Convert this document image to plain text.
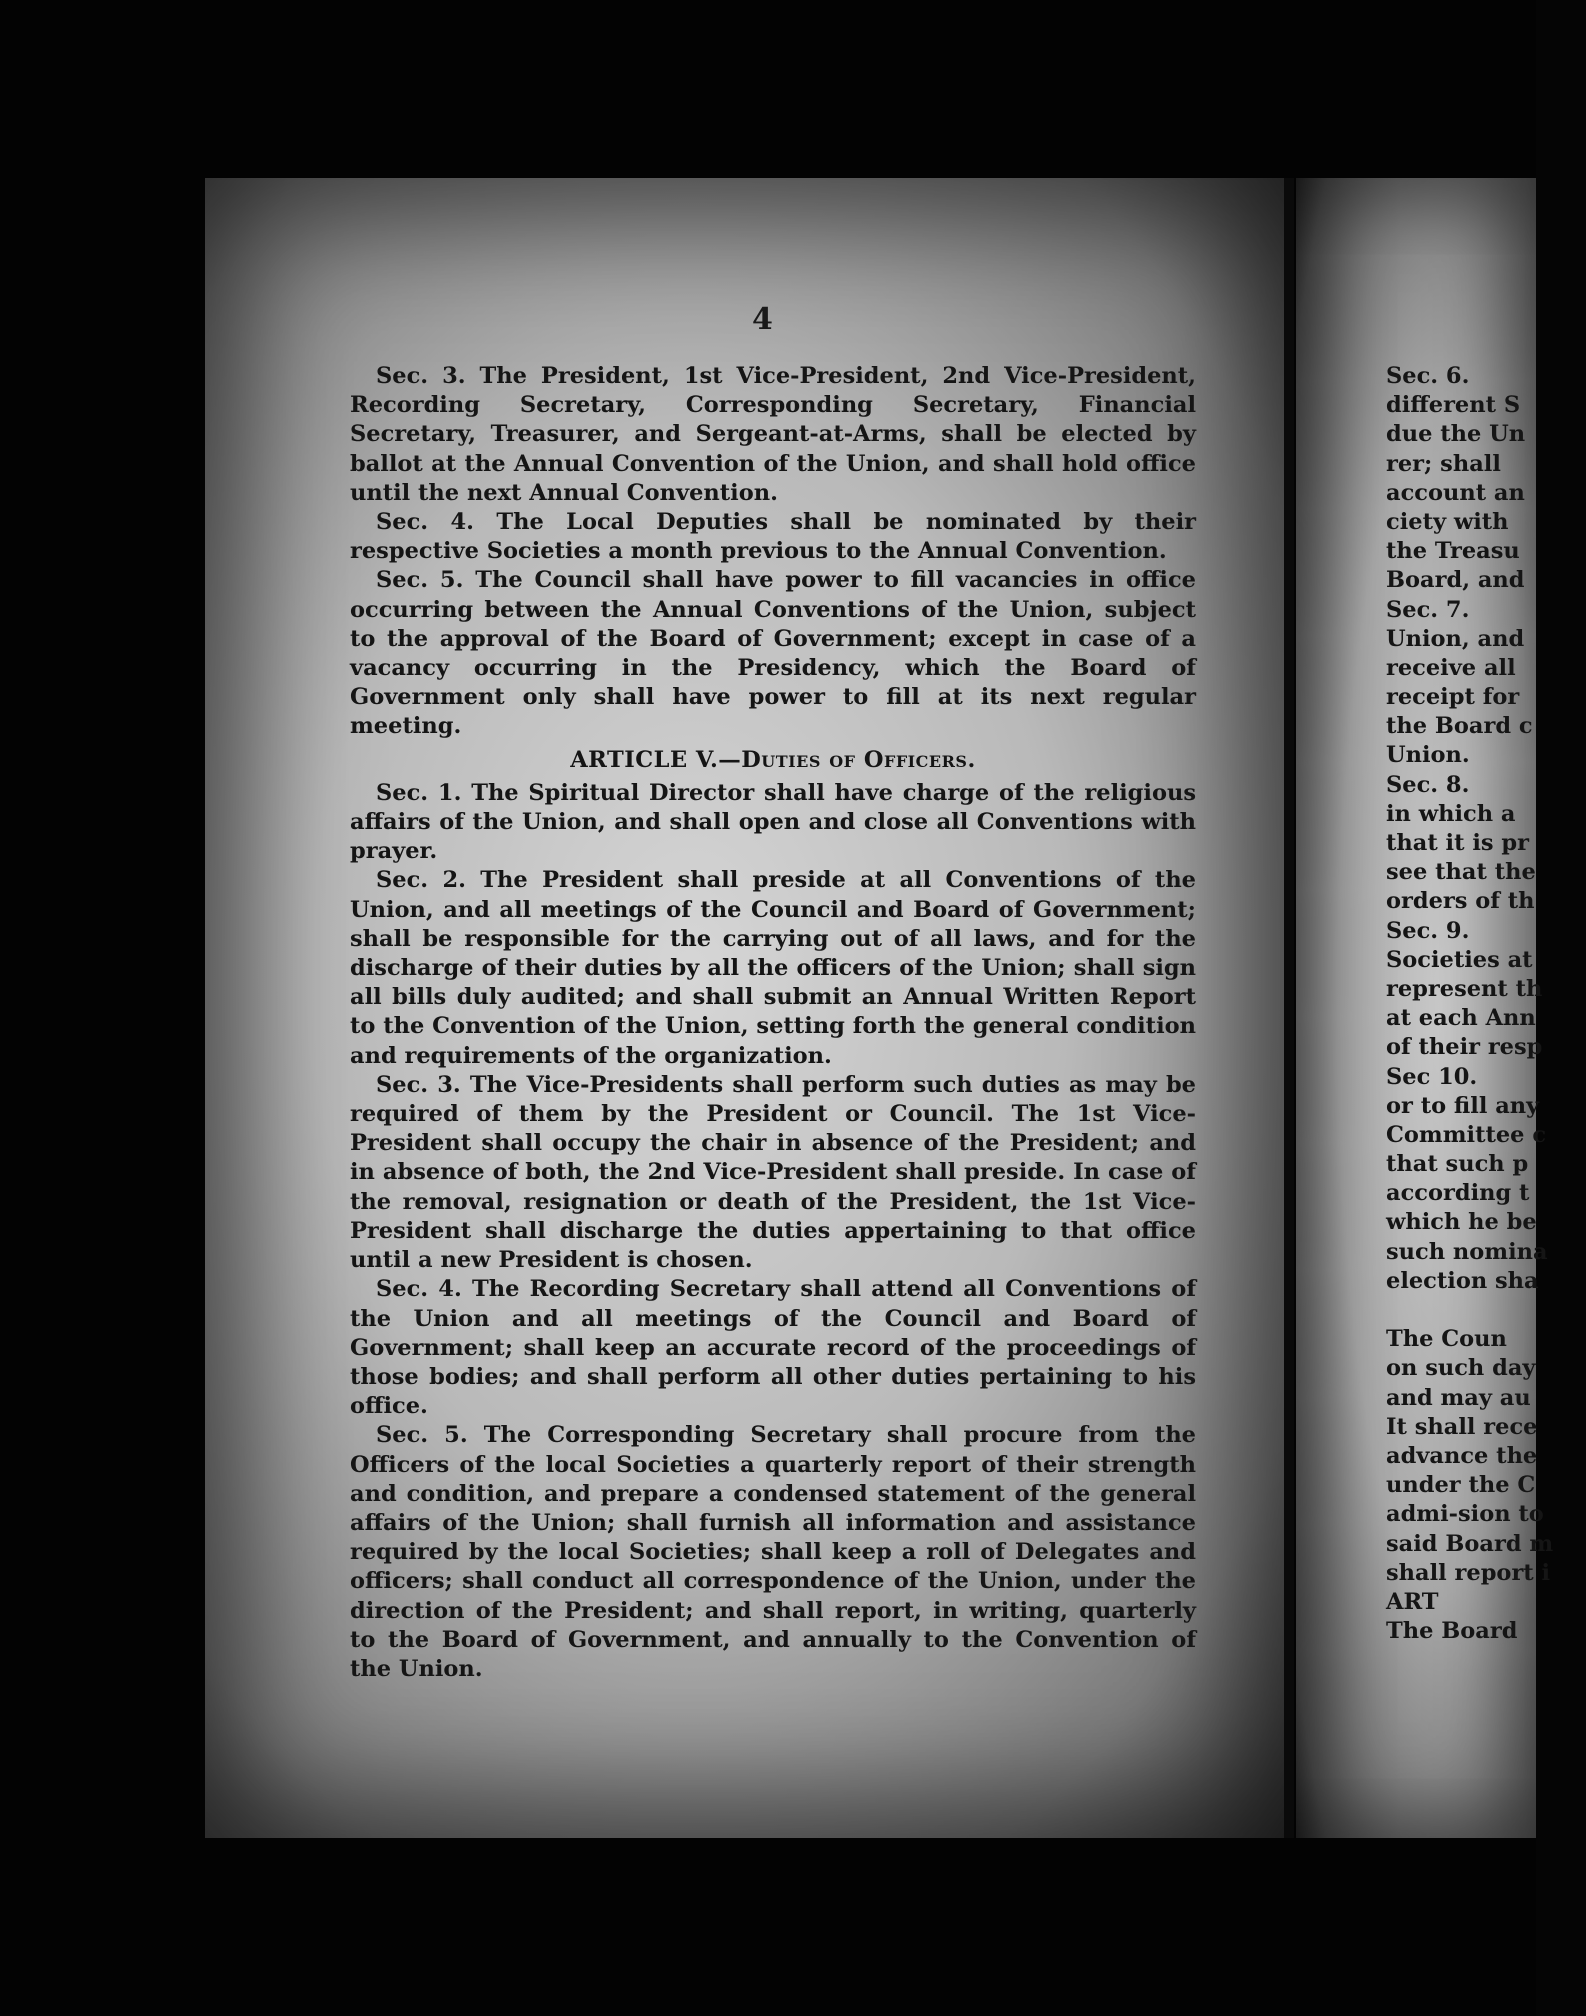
4

Sec. 3. The President, 1st Vice-President, 2nd Vice-President, Recording Secretary, Corresponding Secretary, Financial Secretary, Treasurer, and Sergeant-at-Arms, shall be elected by ballot at the Annual Convention of the Union, and shall hold office until the next Annual Convention.

Sec. 4. The Local Deputies shall be nominated by their respective Societies a month previous to the Annual Convention.

Sec. 5. The Council shall have power to fill vacancies in office occurring between the Annual Conventions of the Union, subject to the approval of the Board of Government; except in case of a vacancy occurring in the Presidency, which the Board of Government only shall have power to fill at its next regular meeting.

ARTICLE V.—Duties of Officers.

Sec. 1. The Spiritual Director shall have charge of the religious affairs of the Union, and shall open and close all Conventions with prayer.

Sec. 2. The President shall preside at all Conventions of the Union, and all meetings of the Council and Board of Government; shall be responsible for the carrying out of all laws, and for the discharge of their duties by all the officers of the Union; shall sign all bills duly audited; and shall submit an Annual Written Report to the Convention of the Union, setting forth the general condition and requirements of the organization.

Sec. 3. The Vice-Presidents shall perform such duties as may be required of them by the President or Council. The 1st Vice-President shall occupy the chair in absence of the President; and in absence of both, the 2nd Vice-President shall preside. In case of the removal, resignation or death of the President, the 1st Vice-President shall discharge the duties appertaining to that office until a new President is chosen.

Sec. 4. The Recording Secretary shall attend all Conventions of the Union and all meetings of the Council and Board of Government; shall keep an accurate record of the proceedings of those bodies; and shall perform all other duties pertaining to his office.

Sec. 5. The Corresponding Secretary shall procure from the Officers of the local Societies a quarterly report of their strength and condition, and prepare a condensed statement of the general affairs of the Union; shall furnish all information and assistance required by the local Societies; shall keep a roll of Delegates and officers; shall conduct all correspondence of the Union, under the direction of the President; and shall report, in writing, quarterly to the Board of Government, and annually to the Convention of the Union.

Sec. 6.
different S
due the Un
rer; shall
account an
ciety with
the Treasu
Board, and
Sec. 7.
Union, and
receive all
receipt for
the Board c
Union.
Sec. 8.
in which a
that it is pr
see that the
orders of th
Sec. 9.
Societies at
represent th
at each Ann
of their resp
Sec 10.
or to fill any
Committee c
that such p
according t
which he be
such nomina
election sha
The Coun
on such day
and may au
It shall rece
advance the
under the C
admi-sion to
said Board m
shall report i
ART
The Board
